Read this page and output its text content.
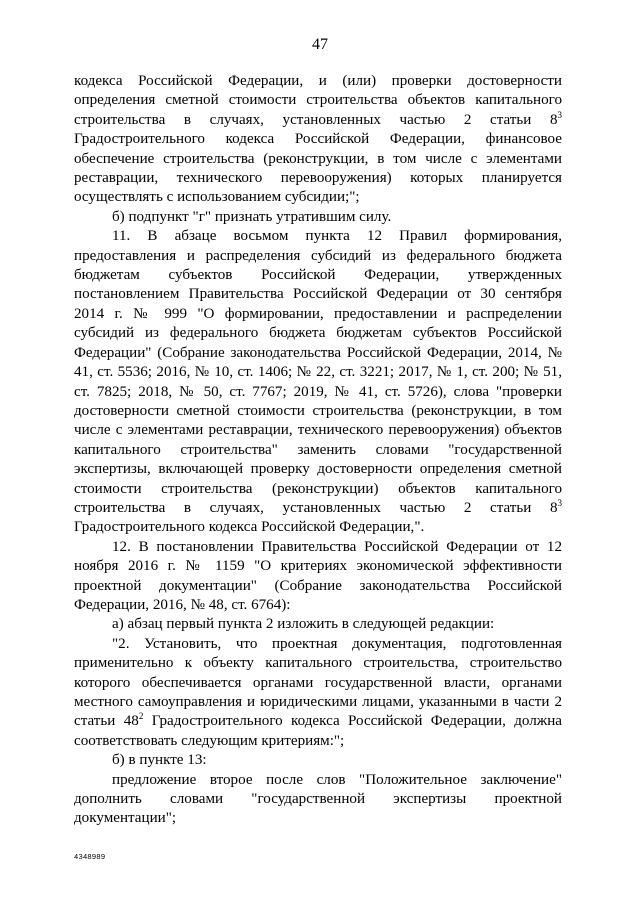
47

кодекса Российской Федерации, и (или) проверки достоверности определения сметной стоимости строительства объектов капитального строительства в случаях, установленных частью 2 статьи $8^3$ Градостроительного кодекса Российской Федерации, финансовое обеспечение строительства (реконструкции, в том числе с элементами реставрации, технического перевооружения) которых планируется осуществлять с использованием субсидии;";

б) подпункт "г" признать утратившим силу.

11. В абзаце восьмом пункта 12 Правил формирования, предоставления и распределения субсидий из федерального бюджета бюджетам субъектов Российской Федерации, утвержденных постановлением Правительства Российской Федерации от 30 сентября 2014 г. № 999 "О формировании, предоставлении и распределении субсидий из федерального бюджета бюджетам субъектов Российской Федерации" (Собрание законодательства Российской Федерации, 2014, № 41, ст. 5536; 2016, № 10, ст. 1406; № 22, ст. 3221; 2017, № 1, ст. 200; № 51, ст. 7825; 2018, № 50, ст. 7767; 2019, № 41, ст. 5726), слова "проверки достоверности сметной стоимости строительства (реконструкции, в том числе с элементами реставрации, технического перевооружения) объектов капитального строительства" заменить словами "государственной экспертизы, включающей проверку достоверности определения сметной стоимости строительства (реконструкции) объектов капитального строительства в случаях, установленных частью 2 статьи $8^3$ Градостроительного кодекса Российской Федерации,".

12. В постановлении Правительства Российской Федерации от 12 ноября 2016 г. № 1159 "О критериях экономической эффективности проектной документации" (Собрание законодательства Российской Федерации, 2016, № 48, ст. 6764):

а) абзац первый пункта 2 изложить в следующей редакции:

"2. Установить, что проектная документация, подготовленная применительно к объекту капитального строительства, строительство которого обеспечивается органами государственной власти, органами местного самоуправления и юридическими лицами, указанными в части 2 статьи $48^2$ Градостроительного кодекса Российской Федерации, должна соответствовать следующим критериям:";

б) в пункте 13:

предложение второе после слов "Положительное заключение" дополнить словами "государственной экспертизы проектной документации";

4348989
